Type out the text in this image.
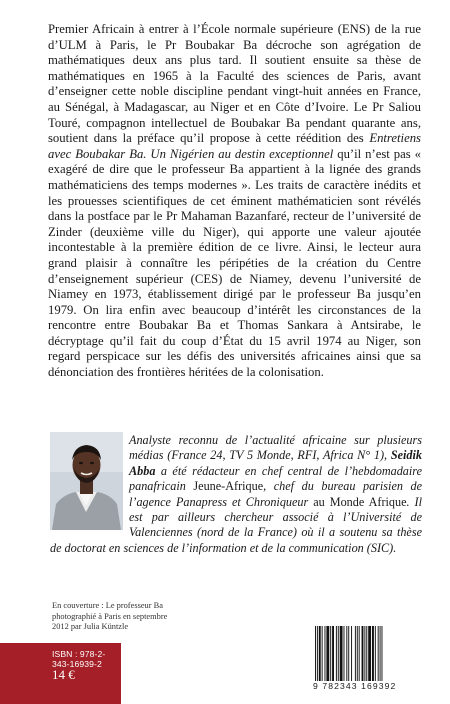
Premier Africain à entrer à l’École normale supérieure (ENS) de la rue d’ULM à Paris, le Pr Boubakar Ba décroche son agrégation de mathématiques deux ans plus tard. Il soutient ensuite sa thèse de mathématiques en 1965 à la Faculté des sciences de Paris, avant d’enseigner cette noble discipline pendant vingt-huit années en France, au Sénégal, à Madagascar, au Niger et en Côte d’Ivoire. Le Pr Saliou Touré, compagnon intellectuel de Boubakar Ba pendant quarante ans, soutient dans la préface qu’il propose à cette réédition des Entretiens avec Boubakar Ba. Un Nigérien au destin exceptionnel qu’il n’est pas « exagéré de dire que le professeur Ba appartient à la lignée des grands mathématiciens des temps modernes ». Les traits de caractère inédits et les prouesses scientifiques de cet éminent mathématicien sont révélés dans la postface par le Pr Mahaman Bazanfaré, recteur de l’université de Zinder (deuxième ville du Niger), qui apporte une valeur ajoutée incontestable à la première édition de ce livre. Ainsi, le lecteur aura grand plaisir à connaître les péripéties de la création du Centre d’enseignement supérieur (CES) de Niamey, devenu l’université de Niamey en 1973, établissement dirigé par le professeur Ba jusqu’en 1979. On lira enfin avec beaucoup d’intérêt les circonstances de la rencontre entre Boubakar Ba et Thomas Sankara à Antsirabe, le décryptage qu’il fait du coup d’État du 15 avril 1974 au Niger, son regard perspicace sur les défis des universités africaines ainsi que sa dénonciation des frontières héritées de la colonisation.

Analyste reconnu de l’actualité africaine sur plusieurs médias (France 24, TV 5 Monde, RFI, Africa N° 1), Seidik Abba a été rédacteur en chef central de l’hebdomadaire panafricain Jeune-Afrique, chef du bureau parisien de l’agence Panapress et Chroniqueur au Monde Afrique. Il est par ailleurs chercheur associé à l’Université de Valenciennes (nord de la France) où il a soutenu sa thèse de doctorat en sciences de l’information et de la communication (SIC).
En couverture : Le professeur Ba
photographié à Paris en septembre
2012 par Julia Küntzle
ISBN : 978-2-343-16939-2
14 €
9 782343 169392
